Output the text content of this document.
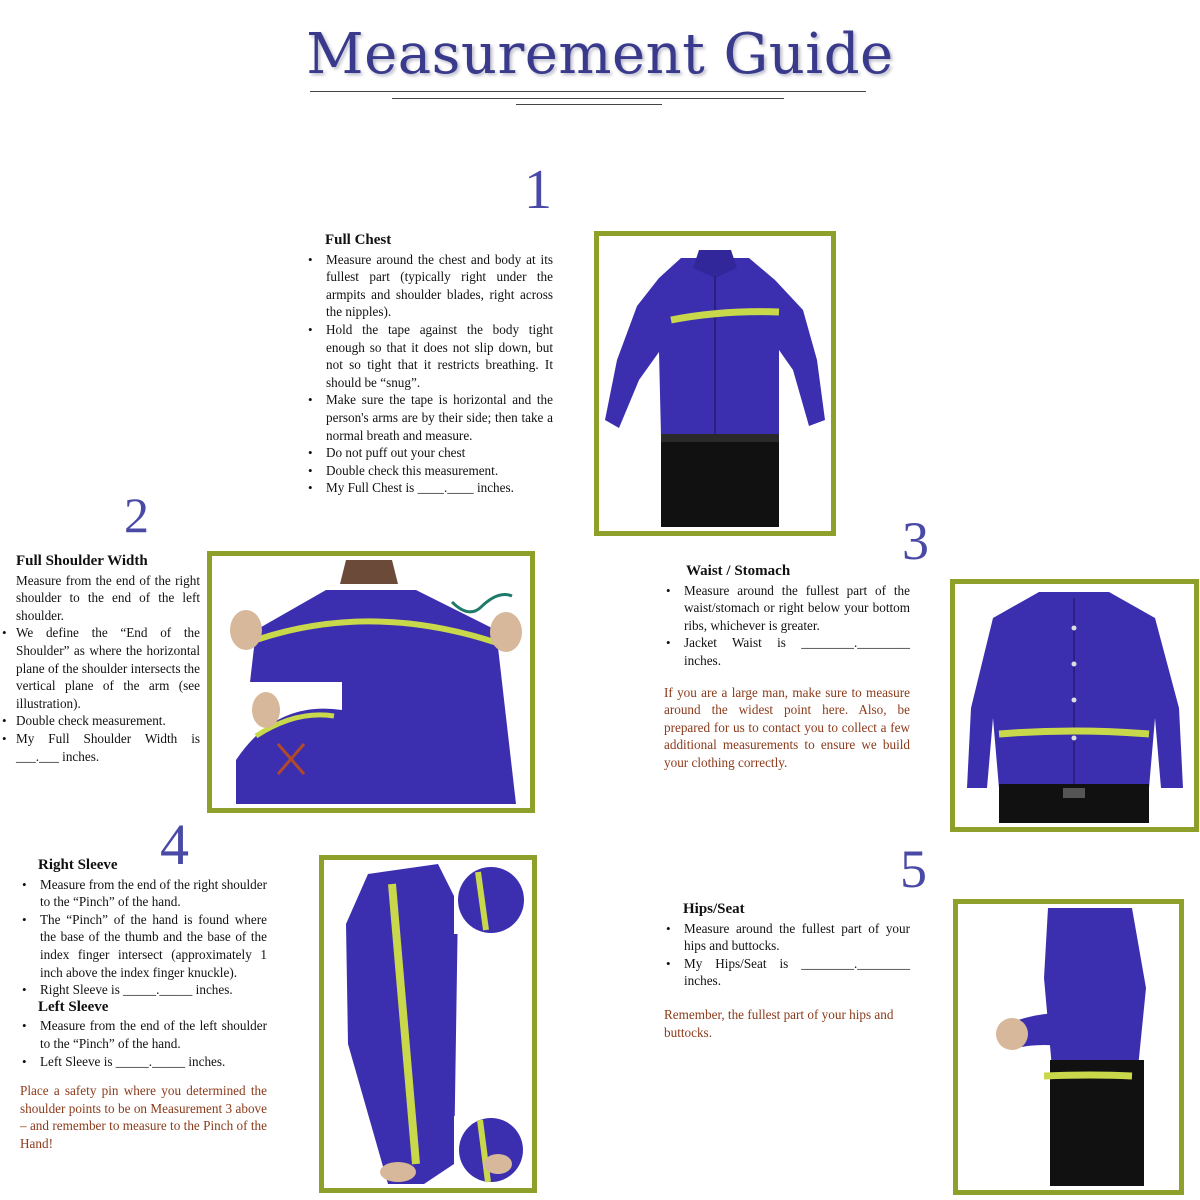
Measurement Guide
1
Full Chest
• Measure around the chest and body at its fullest part (typically right under the armpits and shoulder blades, right across the nipples).
• Hold the tape against the body tight enough so that it does not slip down, but not so tight that it restricts breathing. It should be “snug”.
• Make sure the tape is horizontal and the person's arms are by their side; then take a normal breath and measure.
• Do not puff out your chest
• Double check this measurement.
• My Full Chest is ____.____ inches.
2
Full Shoulder Width
Measure from the end of the right shoulder to the end of the left shoulder.
• We define the “End of the Shoulder” as where the horizontal plane of the shoulder intersects the vertical plane of the arm (see illustration).
• Double check measurement.
• My Full Shoulder Width is ___.___ inches.
3
Waist / Stomach
• Measure around the fullest part of the waist/stomach or right below your bottom ribs, whichever is greater.
• Jacket Waist is ________.________ inches.
If you are a large man, make sure to measure around the widest point here. Also, be prepared for us to contact you to collect a few additional measurements to ensure we build your clothing correctly.
4
Right Sleeve
• Measure from the end of the right shoulder to the “Pinch” of the hand.
• The “Pinch” of the hand is found where the base of the thumb and the base of the index finger intersect (approximately 1 inch above the index finger knuckle).
• Right Sleeve is _____._____ inches.
Left Sleeve
• Measure from the end of the left shoulder to the “Pinch” of the hand.
• Left Sleeve is _____._____ inches.
Place a safety pin where you determined the shoulder points to be on Measurement 3 above – and remember to measure to the Pinch of the Hand!
5
Hips/Seat
• Measure around the fullest part of your hips and buttocks.
• My Hips/Seat is ________.________ inches.
Remember, the fullest part of your hips and buttocks.
